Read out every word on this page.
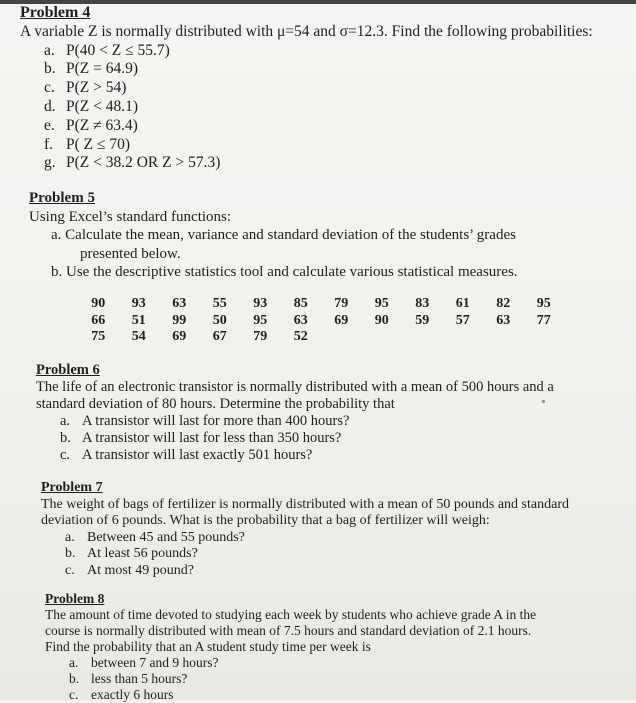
Problem 4

A variable Z is normally distributed with μ=54 and σ=12.3. Find the following probabilities:

a. P(40 < Z ≤ 55.7)

b. P(Z = 64.9)

c. P(Z > 54)

d. P(Z < 48.1)

e. P(Z ≠ 63.4)

f. P( Z ≤ 70)

g. P(Z < 38.2 OR Z > 57.3)

Problem 5

Using Excel’s standard functions:

a. Calculate the mean, variance and standard deviation of the students’ grades

presented below.

b. Use the descriptive statistics tool and calculate various statistical measures.

90	93	63	55	93	85	79	95	83	61	82	95
66	51	99	50	95	63	69	90	59	57	63	77
75	54	69	67	79	52						

Problem 6

The life of an electronic transistor is normally distributed with a mean of 500 hours and a

standard deviation of 80 hours. Determine the probability that

a. A transistor will last for more than 400 hours?

b. A transistor will last for less than 350 hours?

c. A transistor will last exactly 501 hours?

Problem 7

The weight of bags of fertilizer is normally distributed with a mean of 50 pounds and standard

deviation of 6 pounds. What is the probability that a bag of fertilizer will weigh:

a. Between 45 and 55 pounds?

b. At least 56 pounds?

c. At most 49 pound?

Problem 8

The amount of time devoted to studying each week by students who achieve grade A in the

course is normally distributed with mean of 7.5 hours and standard deviation of 2.1 hours.

Find the probability that an A student study time per week is

a. between 7 and 9 hours?

b. less than 5 hours?

c. exactly 6 hours
